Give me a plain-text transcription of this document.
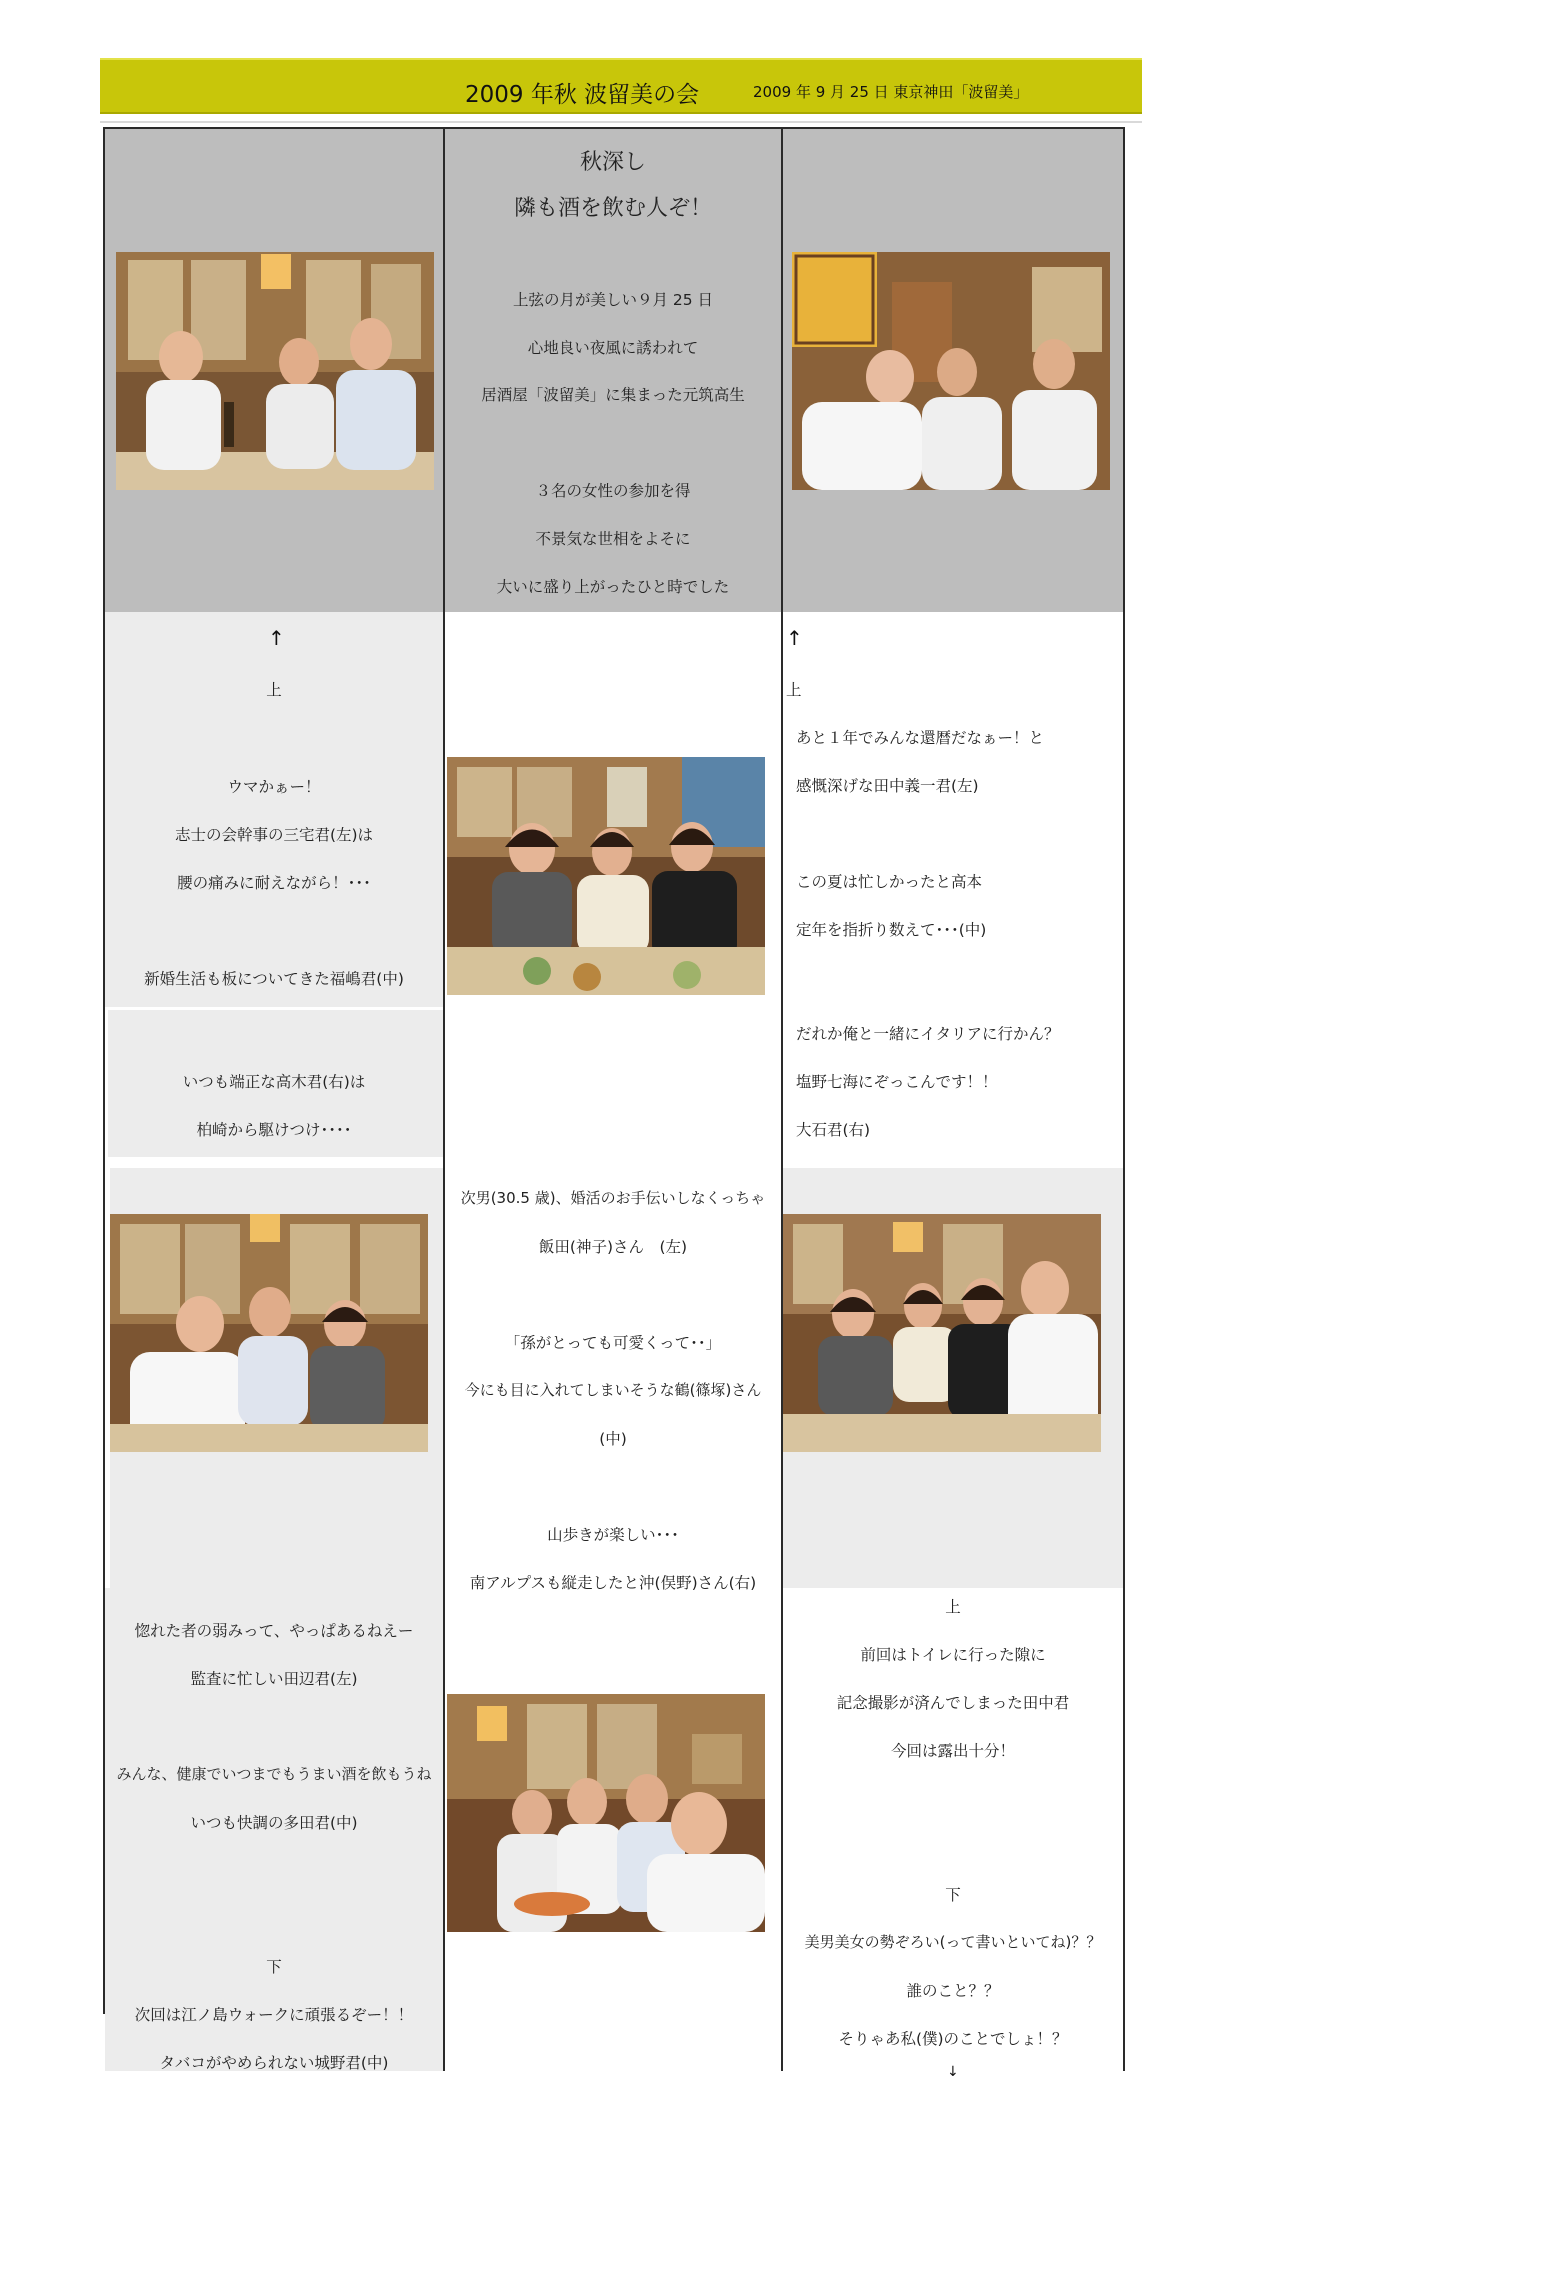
2009 年秋 波留美の会	2009 年 9 月 25 日 東京神田「波留美」
秋深し
隣も酒を飲む人ぞ！
上弦の月が美しい９月 25 日
心地良い夜風に誘われて
居酒屋「波留美」に集まった元筑高生
３名の女性の参加を得
不景気な世相をよそに
大いに盛り上がったひと時でした
↑
上
ウマかぁー！
志士の会幹事の三宅君(左)は
腰の痛みに耐えながら！･･･
新婚生活も板についてきた福嶋君(中)
いつも端正な高木君(右)は
柏崎から駆けつけ････
惚れた者の弱みって、やっぱあるねえー
監査に忙しい田辺君(左)
みんな、健康でいつまでもうまい酒を飲もうね
いつも快調の多田君(中)
下
次回は江ノ島ウォークに頑張るぞー！！
タバコがやめられない城野君(中)
次男(30.5 歳)、婚活のお手伝いしなくっちゃ
飯田(神子)さん　(左)
「孫がとっても可愛くって･･」
今にも目に入れてしまいそうな鶴(篠塚)さん
(中)
山歩きが楽しい･･･
南アルプスも縦走したと沖(俣野)さん(右)
↑
上
あと１年でみんな還暦だなぁー！と
感慨深げな田中義一君(左)
この夏は忙しかったと高本
定年を指折り数えて･･･(中)
だれか俺と一緒にイタリアに行かん？
塩野七海にぞっこんです！！
大石君(右)
上
前回はトイレに行った隙に
記念撮影が済んでしまった田中君
今回は露出十分！
下
美男美女の勢ぞろい(って書いといてね)？？
誰のこと？？
そりゃあ私(僕)のことでしょ！？
↓
